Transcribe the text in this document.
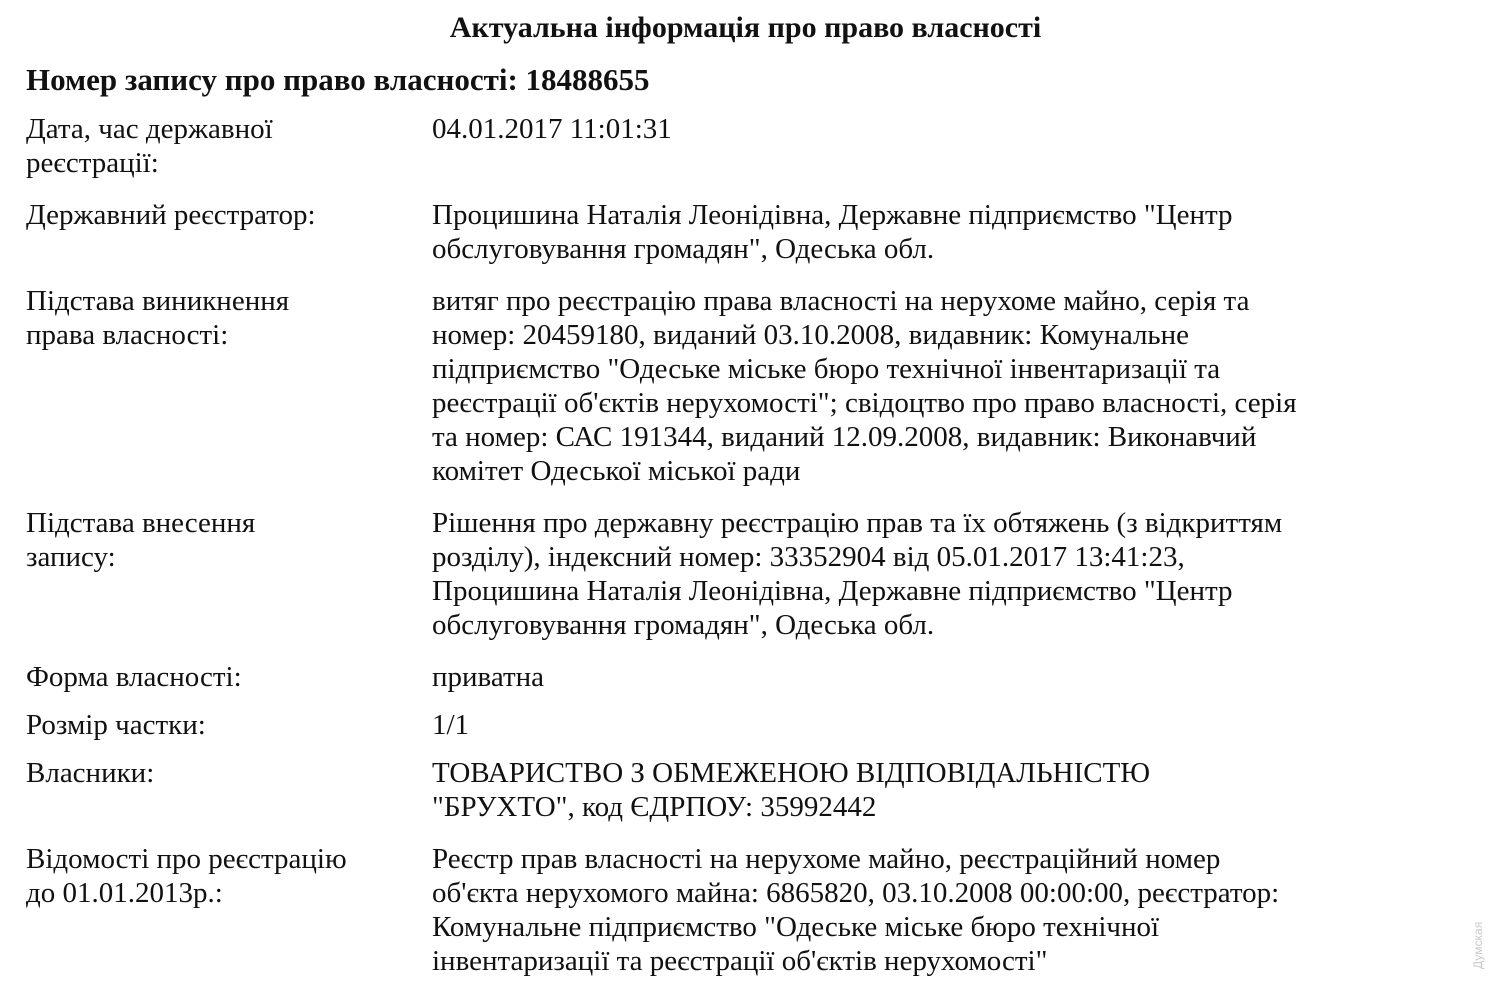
Актуальна інформація про право власності
Номер запису про право власності: 18488655
Дата, час державної
реєстрації:
04.01.2017 11:01:31
Державний реєстратор:	Процишина Наталія Леонідівна, Державне підприємство "Центр
обслуговування громадян", Одеська обл.
Підстава виникнення
права власності:
витяг про реєстрацію права власності на нерухоме майно, серія та
номер: 20459180, виданий 03.10.2008, видавник: Комунальне
підприємство "Одеське міське бюро технічної інвентаризації та
реєстрації об'єктів нерухомості"; свідоцтво про право власності, серія
та номер: САС 191344, виданий 12.09.2008, видавник: Виконавчий
комітет Одеської міської ради
Підстава внесення
запису:
Рішення про державну реєстрацію прав та їх обтяжень (з відкриттям
розділу), індексний номер: 33352904 від 05.01.2017 13:41:23,
Процишина Наталія Леонідівна, Державне підприємство "Центр
обслуговування громадян", Одеська обл.
Форма власності:	приватна
Розмір частки:	1/1
Власники:	ТОВАРИСТВО З ОБМЕЖЕНОЮ ВІДПОВІДАЛЬНІСТЮ
"БРУХТО", код ЄДРПОУ: 35992442
Відомості про реєстрацію
до 01.01.2013р.:
Реєстр прав власності на нерухоме майно, реєстраційний номер
об'єкта нерухомого майна: 6865820, 03.10.2008 00:00:00, реєстратор:
Комунальне підприємство "Одеське міське бюро технічної
інвентаризації та реєстрації об'єктів нерухомості"	Думская
